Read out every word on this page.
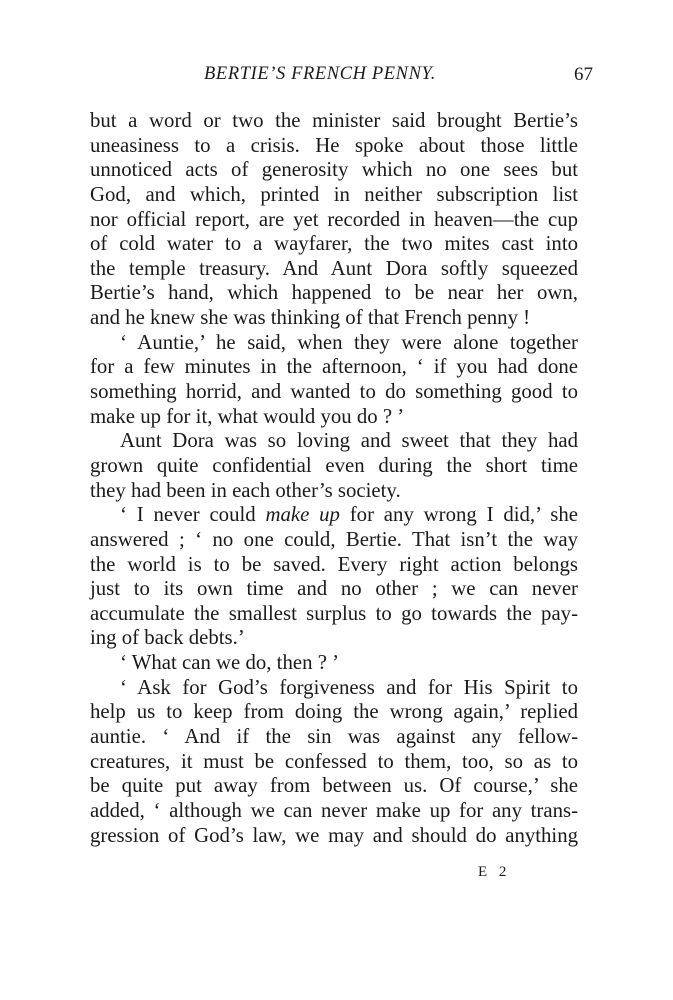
BERTIE’S FRENCH PENNY.	67
but a word or two the minister said brought Bertie’s
uneasiness to a crisis. He spoke about those little
unnoticed acts of generosity which no one sees but
God, and which, printed in neither subscription list
nor official report, are yet recorded in heaven—the cup
of cold water to a wayfarer, the two mites cast into
the temple treasury. And Aunt Dora softly squeezed
Bertie’s hand, which happened to be near her own,
and he knew she was thinking of that French penny !
‘ Auntie,’ he said, when they were alone together
for a few minutes in the afternoon, ‘ if you had done
something horrid, and wanted to do something good to
make up for it, what would you do ? ’
Aunt Dora was so loving and sweet that they had
grown quite confidential even during the short time
they had been in each other’s society.
‘ I never could make up for any wrong I did,’ she
answered ; ‘ no one could, Bertie. That isn’t the way
the world is to be saved. Every right action belongs
just to its own time and no other ; we can never
accumulate the smallest surplus to go towards the pay-
ing of back debts.’
‘ What can we do, then ? ’
‘ Ask for God’s forgiveness and for His Spirit to
help us to keep from doing the wrong again,’ replied
auntie. ‘ And if the sin was against any fellow-
creatures, it must be confessed to them, too, so as to
be quite put away from between us. Of course,’ she
added, ‘ although we can never make up for any trans-
gression of God’s law, we may and should do anything
E 2
